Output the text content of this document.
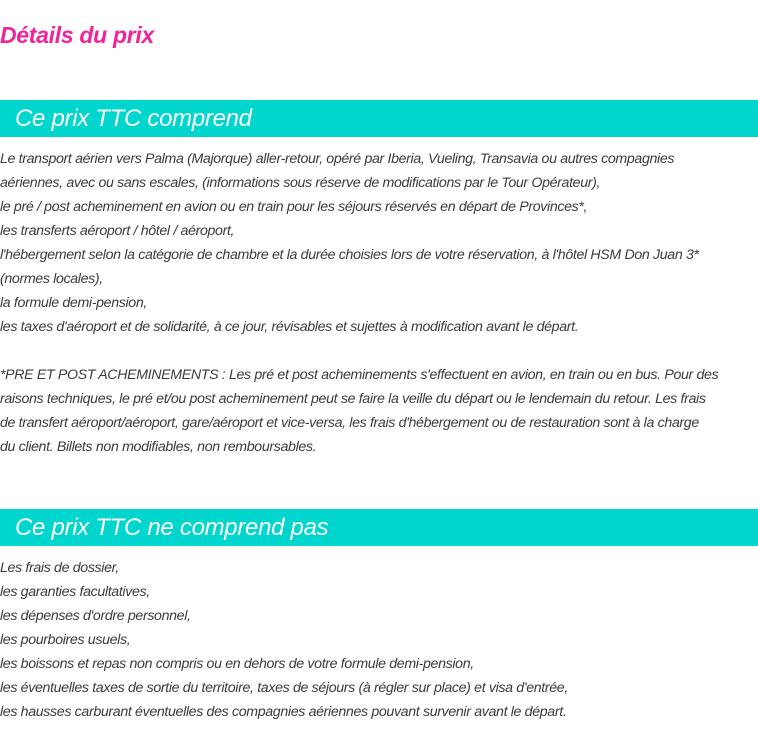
Détails du prix
Ce prix TTC comprend
Le transport aérien vers Palma (Majorque) aller-retour, opéré par Iberia, Vueling, Transavia ou autres compagnies
aériennes, avec ou sans escales, (informations sous réserve de modifications par le Tour Opérateur),
le pré / post acheminement en avion ou en train pour les séjours réservés en départ de Provinces*,
les transferts aéroport / hôtel / aéroport,
l'hébergement selon la catégorie de chambre et la durée choisies lors de votre réservation, à l'hôtel HSM Don Juan 3*
(normes locales),
la formule demi-pension,
les taxes d'aéroport et de solidarité, à ce jour, révisables et sujettes à modification avant le départ.
*PRE ET POST ACHEMINEMENTS : Les pré et post acheminements s'effectuent en avion, en train ou en bus. Pour des
raisons techniques, le pré et/ou post acheminement peut se faire la veille du départ ou le lendemain du retour. Les frais
de transfert aéroport/aéroport, gare/aéroport et vice-versa, les frais d'hébergement ou de restauration sont à la charge
du client. Billets non modifiables, non remboursables.
Ce prix TTC ne comprend pas
Les frais de dossier,
les garanties facultatives,
les dépenses d'ordre personnel,
les pourboires usuels,
les boissons et repas non compris ou en dehors de votre formule demi-pension,
les éventuelles taxes de sortie du territoire, taxes de séjours (à régler sur place) et visa d'entrée,
les hausses carburant éventuelles des compagnies aériennes pouvant survenir avant le départ.
